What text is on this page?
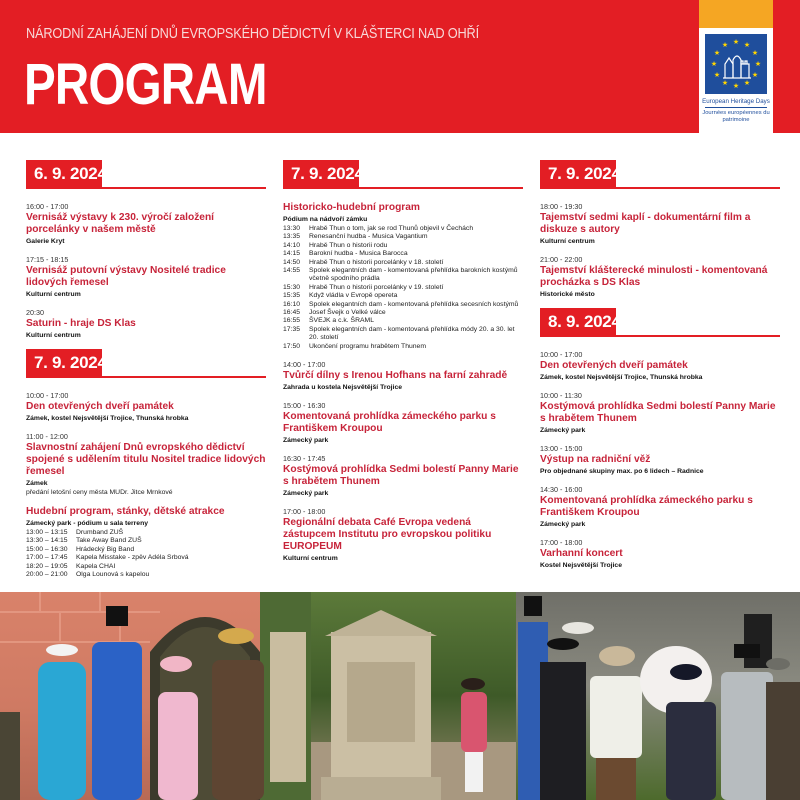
NÁRODNÍ ZAHÁJENÍ DNŮ EVROPSKÉHO DĚDICTVÍ V KLÁŠTERCI NAD OHŘÍ
PROGRAM
★ ★
★
★
★
★
★
★
★
★
★
★
European Heritage Days
Journées européennes du patrimoine
6. 9. 2024
16:00 - 17:00
Vernisáž výstavy k 230. výročí založení porcelánky v našem městě
Galerie Kryt
17:15 - 18:15
Vernisáž putovní výstavy Nositelé tradice lidových řemesel
Kulturní centrum
20:30
Saturin - hraje DS Klas
Kulturní centrum
7. 9. 2024
10:00 - 17:00
Den otevřených dveří památek
Zámek, kostel Nejsvětější Trojice, Thunská hrobka
11:00 - 12:00
Slavnostní zahájení Dnů evropského dědictví spojené s udělením titulu Nositel tradice lidových řemesel
Zámek
předání letošní ceny města MUDr. Jitce Mrnkové
Hudební program, stánky, dětské atrakce
Zámecký park - pódium u sala terreny
13:00 – 13:15	Drumband ZUŠ
13:30 – 14:15	Take Away Band ZUŠ
15:00 – 16:30	Hrádecký Big Band
17:00 – 17:45	Kapela Misstake - zpěv Adéla Srbová
18:20 – 19:05	Kapela CHAI
20:00 – 21:00	Olga Lounová s kapelou
7. 9. 2024
Historicko-hudební program
Pódium na nádvoří zámku
13:30	Hrabě Thun o tom, jak se rod Thunů objevil v Čechách
13:35	Renesanční hudba - Musica Vagantium
14:10	Hrabě Thun o historii rodu
14:15	Barokní hudba - Musica Barocca
14:50	Hrabě Thun o historii porcelánky v 18. století
14:55	Spolek elegantních dam - komentovaná přehlídka barokních kostýmů včetně spodního prádla
15:30	Hrabě Thun o historii porcelánky v 19. století
15:35	Když vládla v Evropě opereta
16:10	Spolek elegantních dam - komentovaná přehlídka secesních kostýmů
16:45	Josef Švejk o Velké válce
16:55	ŠVEJK a c.k. ŠRAML
17:35	Spolek elegantních dam - komentovaná přehlídka módy 20. a 30. let 20. století
17:50	Ukončení programu hrabětem Thunem
14:00 - 17:00
Tvůrčí dílny s Irenou Hofhans na farní zahradě
Zahrada u kostela Nejsvětější Trojice
15:00 - 16:30
Komentovaná prohlídka zámeckého parku s Františkem Kroupou
Zámecký park
16:30 - 17:45
Kostýmová prohlídka Sedmi bolestí Panny Marie s hrabětem Thunem
Zámecký park
17:00 - 18:00
Regionální debata Café Evropa vedená zástupcem Institutu pro evropskou politiku EUROPEUM
Kulturní centrum
7. 9. 2024
18:00 - 19:30
Tajemství sedmi kaplí - dokumentární film a diskuze s autory
Kulturní centrum
21:00 - 22:00
Tajemství klášterecké minulosti - komentovaná procházka s DS Klas
Historické město
8. 9. 2024
10:00 - 17:00
Den otevřených dveří památek
Zámek, kostel Nejsvětější Trojice, Thunská hrobka
10:00 - 11:30
Kostýmová prohlídka Sedmi bolestí Panny Marie s hrabětem Thunem
Zámecký park
13:00 - 15:00
Výstup na radniční věž
Pro objednané skupiny max. po 6 lidech – Radnice
14:30 - 16:00
Komentovaná prohlídka zámeckého parku s Františkem Kroupou
Zámecký park
17:00 - 18:00
Varhanní koncert
Kostel Nejsvětější Trojice
